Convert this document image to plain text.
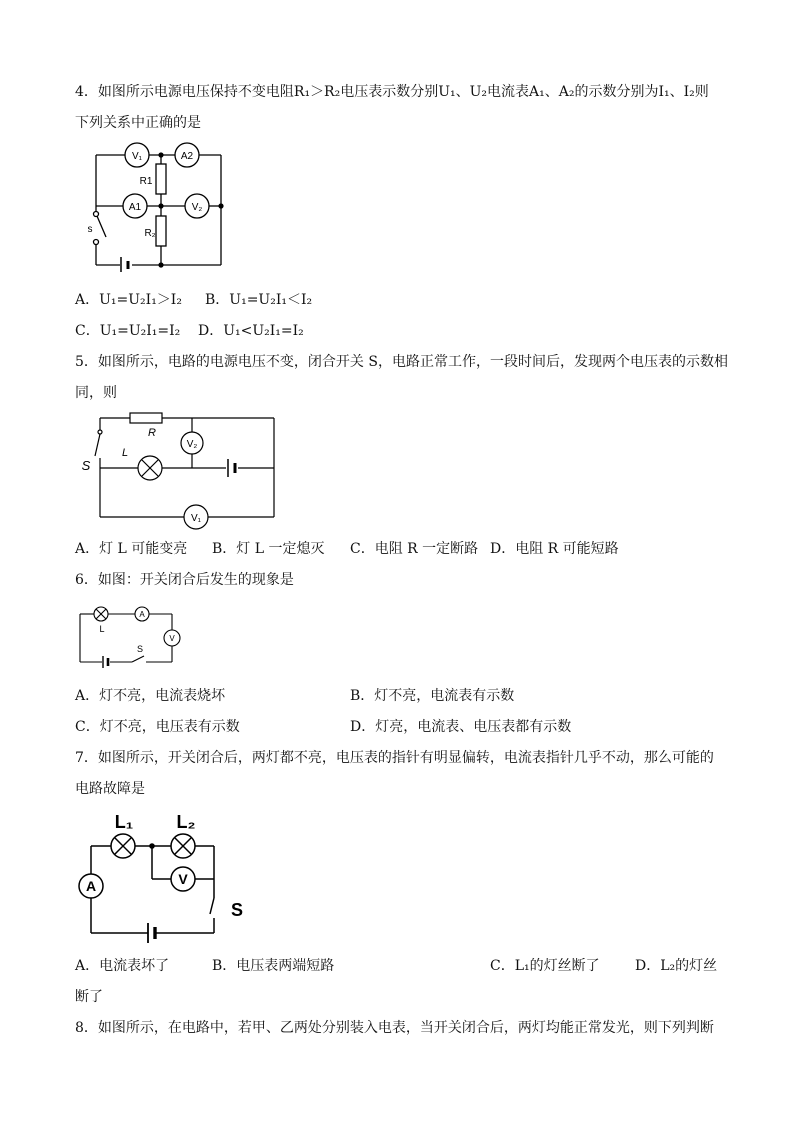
4．如图所示电源电压保持不变电阻R₁＞R₂电压表示数分别U₁、U₂电流表A₁、A₂的示数分别为I₁、I₂则
下列关系中正确的是
V₁	A2
A1	V₂
R1
R₂
s
A．U₁=U₂I₁＞I₂ B．U₁=U₂I₁＜I₂
C．U₁=U₂I₁=I₂ D．U₁<U₂I₁=I₂
5．如图所示，电路的电源电压不变，闭合开关 S，电路正常工作，一段时间后，发现两个电压表的示数相
同，则
R
L
S
V₂
V₁
A．灯 L 可能变亮 B．灯 L 一定熄灭 C．电阻 R 一定断路 D．电阻 R 可能短路
6．如图：开关闭合后发生的现象是
A
V
L
S
A．灯不亮，电流表烧坏	B．灯不亮，电流表有示数
C．灯不亮，电压表有示数	D．灯亮，电流表、电压表都有示数
7．如图所示，开关闭合后，两灯都不亮，电压表的指针有明显偏转，电流表指针几乎不动，那么可能的
电路故障是
L₁ L₂
V
A
S
A．电流表坏了	B．电压表两端短路	C．L₁的灯丝断了	D．L₂的灯丝
断了
8．如图所示，在电路中，若甲、乙两处分别装入电表，当开关闭合后，两灯均能正常发光，则下列判断
